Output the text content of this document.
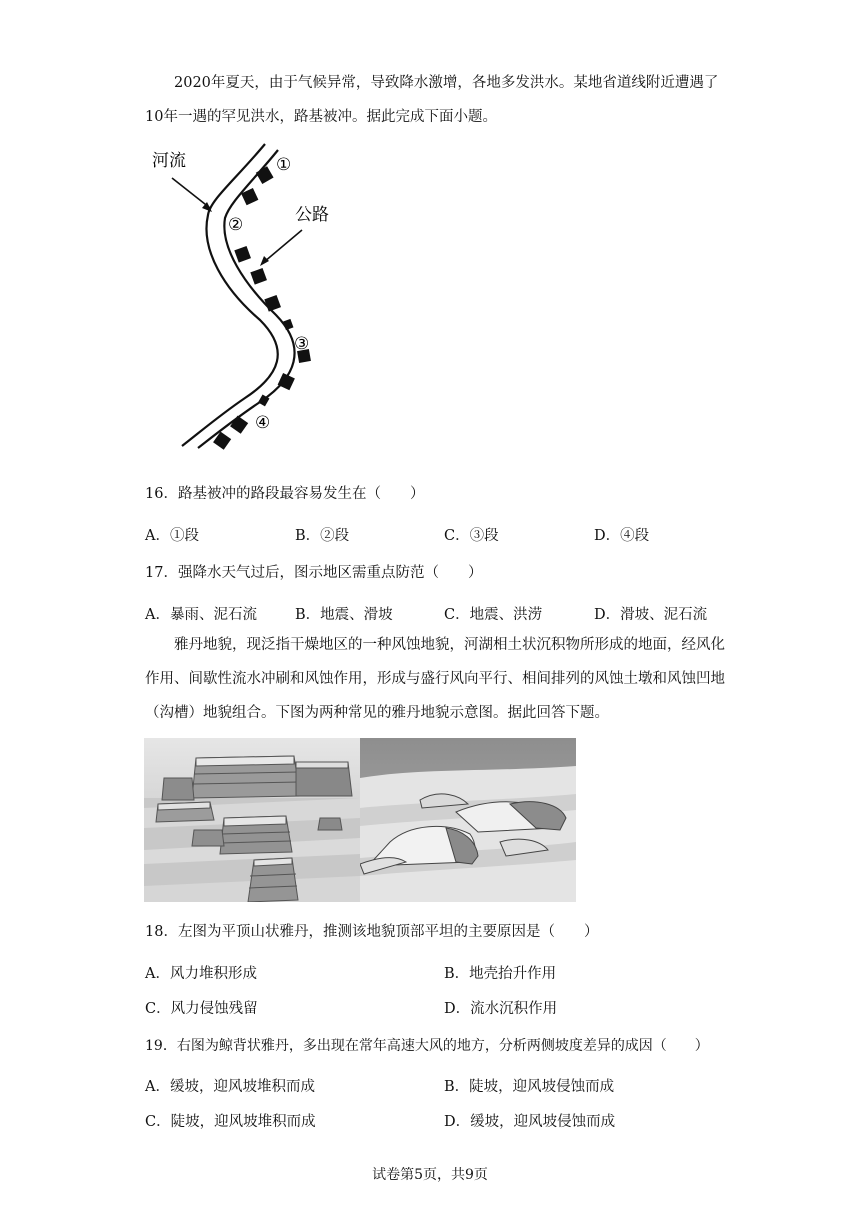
2020年夏天，由于气候异常，导致降水激增，各地多发洪水。某地省道线附近遭遇了10年一遇的罕见洪水，路基被冲。据此完成下面小题。
河流
公路
①
②
③
④
16．路基被冲的路段最容易发生在（　　）
A．①段	B．②段	C．③段	D．④段
17．强降水天气过后，图示地区需重点防范（　　）
A．暴雨、泥石流	B．地震、滑坡	C．地震、洪涝	D．滑坡、泥石流
雅丹地貌，现泛指干燥地区的一种风蚀地貌，河湖相土状沉积物所形成的地面，经风化作用、间歇性流水冲刷和风蚀作用，形成与盛行风向平行、相间排列的风蚀土墩和风蚀凹地（沟槽）地貌组合。下图为两种常见的雅丹地貌示意图。据此回答下题。
18．左图为平顶山状雅丹，推测该地貌顶部平坦的主要原因是（　　）
A．风力堆积形成	B．地壳抬升作用
C．风力侵蚀残留	D．流水沉积作用
19．右图为鲸背状雅丹，多出现在常年高速大风的地方，分析两侧坡度差异的成因（　　）
A．缓坡，迎风坡堆积而成	B．陡坡，迎风坡侵蚀而成
C．陡坡，迎风坡堆积而成	D．缓坡，迎风坡侵蚀而成
试卷第5页，共9页
